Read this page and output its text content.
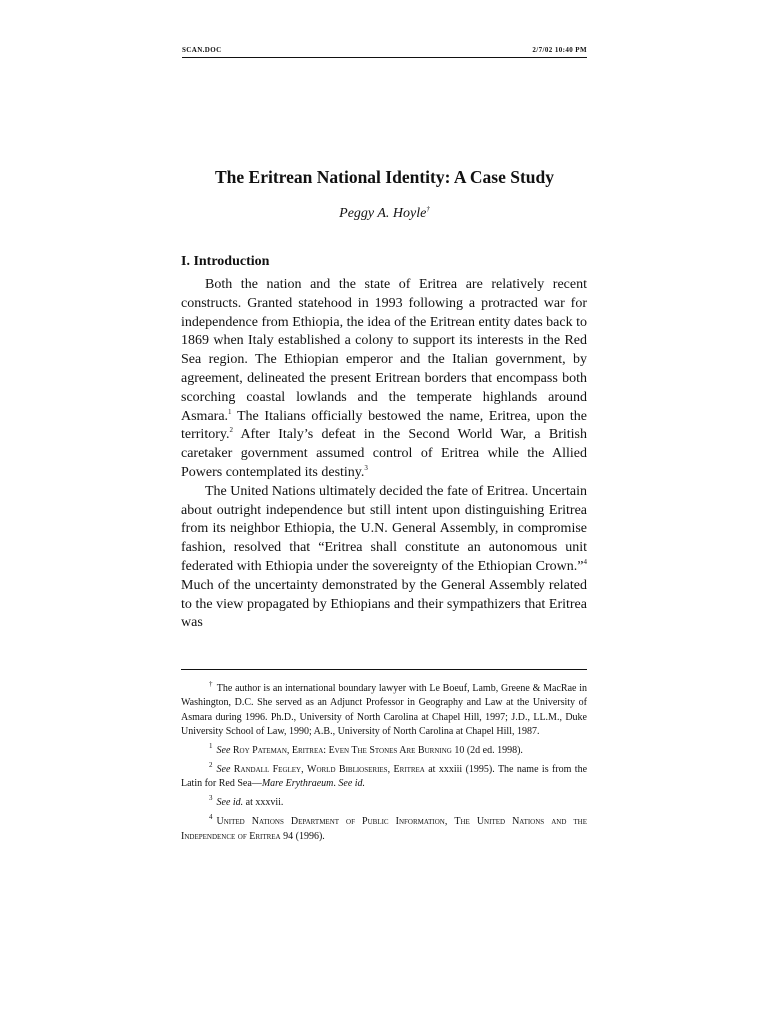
SCAN.DOC	2/7/02 10:40 PM
The Eritrean National Identity: A Case Study
Peggy A. Hoyle†
I. Introduction

Both the nation and the state of Eritrea are relatively recent constructs. Granted statehood in 1993 following a protracted war for independence from Ethiopia, the idea of the Eritrean entity dates back to 1869 when Italy established a colony to support its interests in the Red Sea region. The Ethiopian emperor and the Italian government, by agreement, delineated the present Eritrean borders that encompass both scorching coastal lowlands and the temperate highlands around Asmara.$^1$ The Italians officially bestowed the name, Eritrea, upon the territory.$^2$ After Italy’s defeat in the Second World War, a British caretaker government assumed control of Eritrea while the Allied Powers contemplated its destiny.$^3$

The United Nations ultimately decided the fate of Eritrea. Uncertain about outright independence but still intent upon distinguishing Eritrea from its neighbor Ethiopia, the U.N. General Assembly, in compromise fashion, resolved that “Eritrea shall constitute an autonomous unit federated with Ethiopia under the sovereignty of the Ethiopian Crown.”$^4$ Much of the uncertainty demonstrated by the General Assembly related to the view propagated by Ethiopians and their sympathizers that Eritrea was

† The author is an international boundary lawyer with Le Boeuf, Lamb, Greene & MacRae in Washington, D.C. She served as an Adjunct Professor in Geography and Law at the University of Asmara during 1996. Ph.D., University of North Carolina at Chapel Hill, 1997; J.D., LL.M., Duke University School of Law, 1990; A.B., University of North Carolina at Chapel Hill, 1987.

$^1$ See Roy Pateman, Eritrea: Even The Stones Are Burning 10 (2d ed. 1998).

$^2$ See Randall Fegley, World Biblioseries, Eritrea at xxxiii (1995). The name is from the Latin for Red Sea—Mare Erythraeum. See id.

$^3$ See id. at xxxvii.

$^4$ United Nations Department of Public Information, The United Nations and the Independence of Eritrea 94 (1996).
